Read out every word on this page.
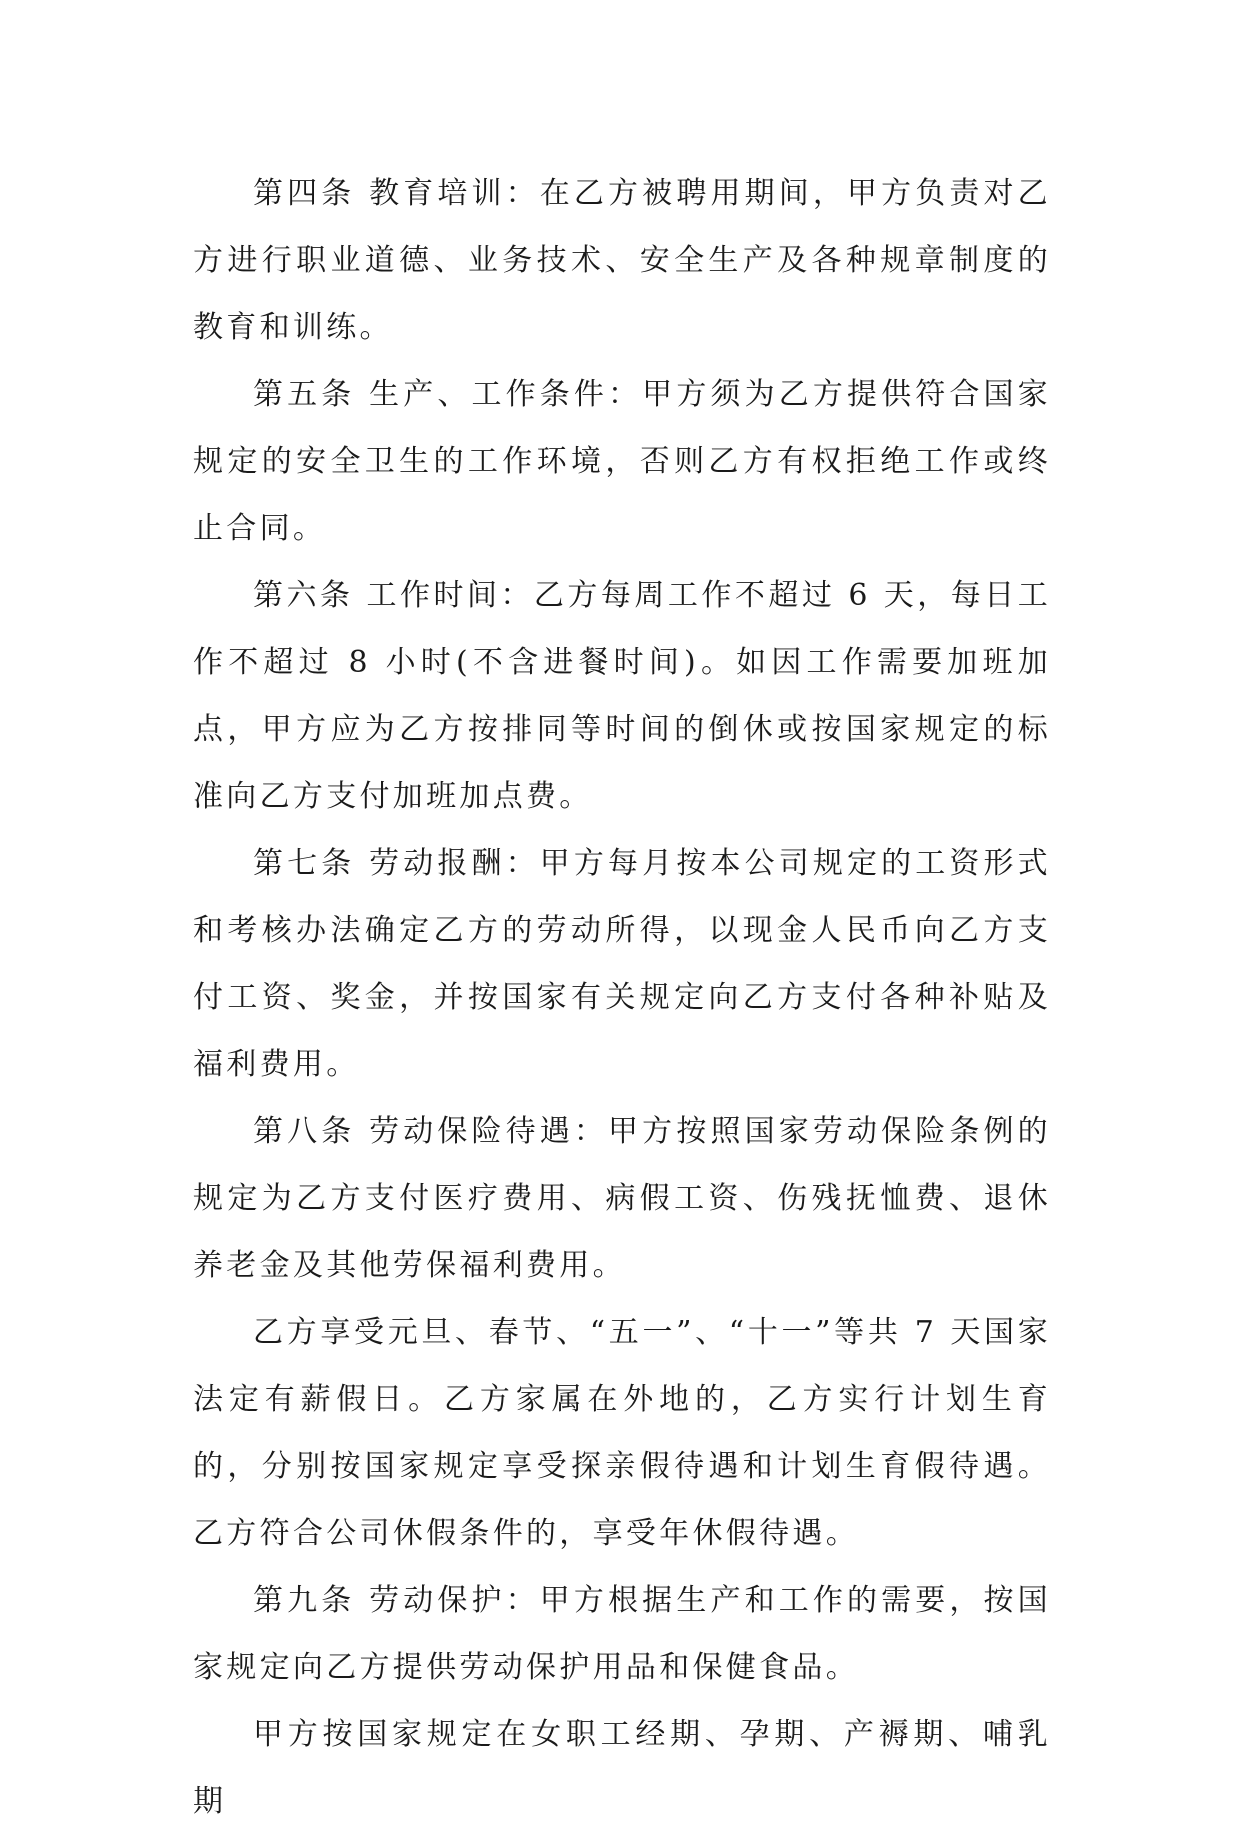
第四条 教育培训：在乙方被聘用期间，甲方负责对乙方进行职业道德、业务技术、安全生产及各种规章制度的教育和训练。

第五条 生产、工作条件：甲方须为乙方提供符合国家规定的安全卫生的工作环境，否则乙方有权拒绝工作或终止合同。

第六条 工作时间：乙方每周工作不超过 6 天，每日工作不超过 8 小时(不含进餐时间)。如因工作需要加班加点，甲方应为乙方按排同等时间的倒休或按国家规定的标准向乙方支付加班加点费。

第七条 劳动报酬：甲方每月按本公司规定的工资形式和考核办法确定乙方的劳动所得，以现金人民币向乙方支付工资、奖金，并按国家有关规定向乙方支付各种补贴及福利费用。

第八条 劳动保险待遇：甲方按照国家劳动保险条例的规定为乙方支付医疗费用、病假工资、伤残抚恤费、退休养老金及其他劳保福利费用。

乙方享受元旦、春节、“五一”、“十一”等共 7 天国家法定有薪假日。乙方家属在外地的，乙方实行计划生育的，分别按国家规定享受探亲假待遇和计划生育假待遇。乙方符合公司休假条件的，享受年休假待遇。

第九条 劳动保护：甲方根据生产和工作的需要，按国家规定向乙方提供劳动保护用品和保健食品。

甲方按国家规定在女职工经期、孕期、产褥期、哺乳期
